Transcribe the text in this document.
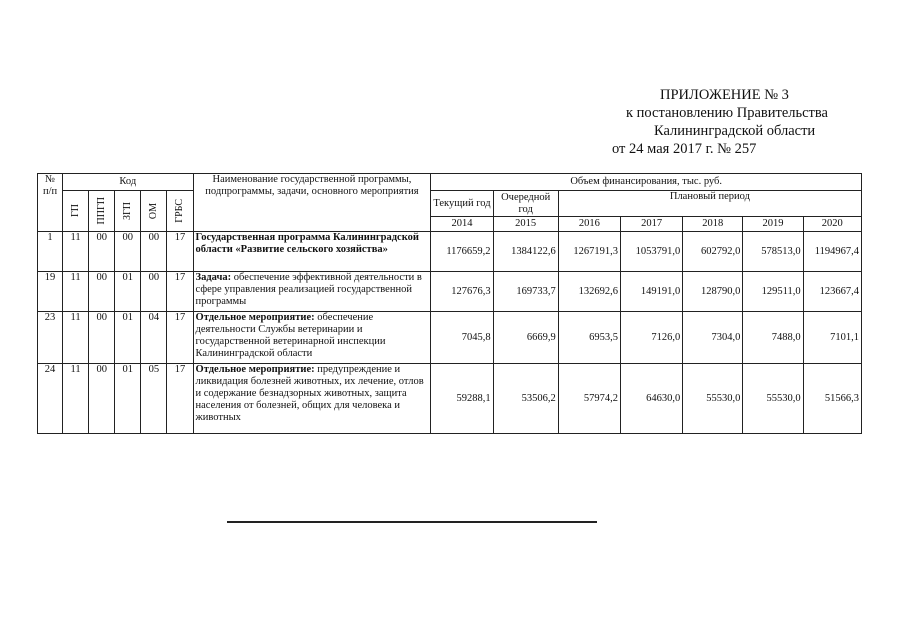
ПРИЛОЖЕНИЕ № 3
к постановлению Правительства
Калининградской области
от 24 мая 2017 г. № 257
№ п/п	Код					Наименование государственной программы, подпрограммы, задачи, основного мероприятия	Объем финансирования, тыс. руб.						

	ГП	ППГП	ЗГП	ОМ	ГРБС		Текущий год	Очередной год	Плановый период				
							2014	2015	2016	2017	2018	2019	2020
1	11	00	00	00	17	Государственная программа Калининградской области «Развитие сельского хозяйства»	1176659,2	1384122,6	1267191,3	1053791,0	602792,0	578513,0	1194967,4
19	11	00	01	00	17	Задача: обеспечение эффективной деятельности в сфере управления реализацией государственной программы	127676,3	169733,7	132692,6	149191,0	128790,0	129511,0	123667,4
23	11	00	01	04	17	Отдельное мероприятие: обеспечение деятельности Службы ветеринарии и государственной ветеринарной инспекции Калининградской области	7045,8	6669,9	6953,5	7126,0	7304,0	7488,0	7101,1
24	11	00	01	05	17	Отдельное мероприятие: предупреждение и ликвидация болезней животных, их лечение, отлов и содержание безнадзорных животных, защита населения от болезней, общих для человека и животных	59288,1	53506,2	57974,2	64630,0	55530,0	55530,0	51566,3
